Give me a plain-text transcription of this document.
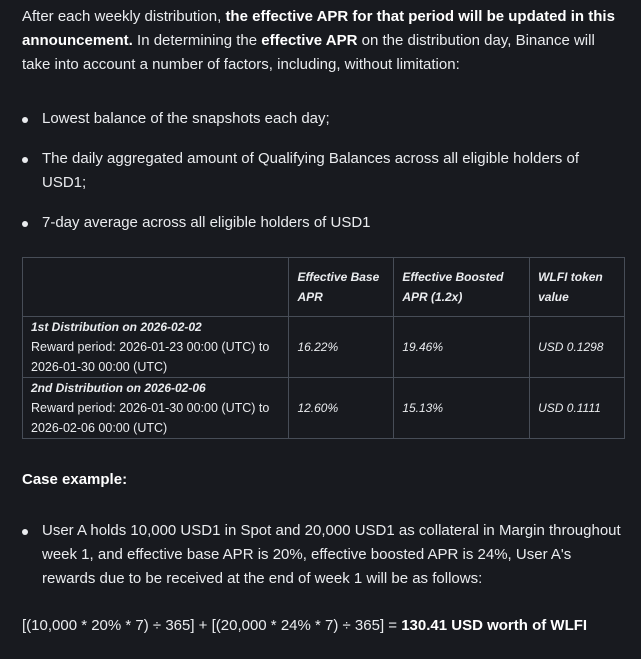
After each weekly distribution, the effective APR for that period will be updated in this announcement. In determining the effective APR on the distribution day, Binance will take into account a number of factors, including, without limitation:
Lowest balance of the snapshots each day;
The daily aggregated amount of Qualifying Balances across all eligible holders of USD1;
7-day average across all eligible holders of USD1
	Effective Base APR	Effective Boosted APR (1.2x)	WLFI token value

1st Distribution on 2026-02-02
Reward period: 2026-01-23 00:00 (UTC) to 2026-01-30 00:00 (UTC)	16.22%	19.46%	USD 0.1298

2nd Distribution on 2026-02-06
Reward period: 2026-01-30 00:00 (UTC) to 2026-02-06 00:00 (UTC)	12.60%	15.13%	USD 0.1111
Case example:
User A holds 10,000 USD1 in Spot and 20,000 USD1 as collateral in Margin throughout week 1, and effective base APR is 20%, effective boosted APR is 24%, User A's rewards due to be received at the end of week 1 will be as follows:
[(10,000 * 20% * 7) ÷ 365] + [(20,000 * 24% * 7) ÷ 365] = 130.41 USD worth of WLFI
